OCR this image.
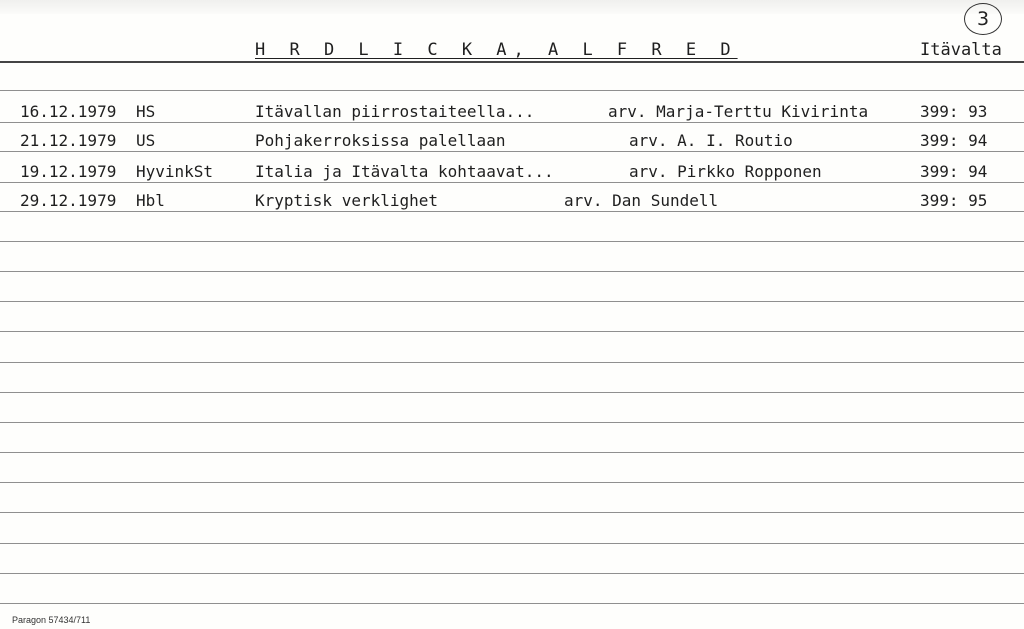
3
H R D L I C K A, A L F R E D	Itävalta
16.12.1979 HS	Itävallan piirrostaiteella...	arv. Marja-Terttu Kivirinta	399: 93
21.12.1979 US	Pohjakerroksissa palellaan	arv. A. I. Routio	399: 94
19.12.1979 HyvinkSt	Italia ja Itävalta kohtaavat...	arv. Pirkko Ropponen	399: 94
29.12.1979 Hbl	Kryptisk verklighet	arv. Dan Sundell	399: 95
Paragon 57434/711
